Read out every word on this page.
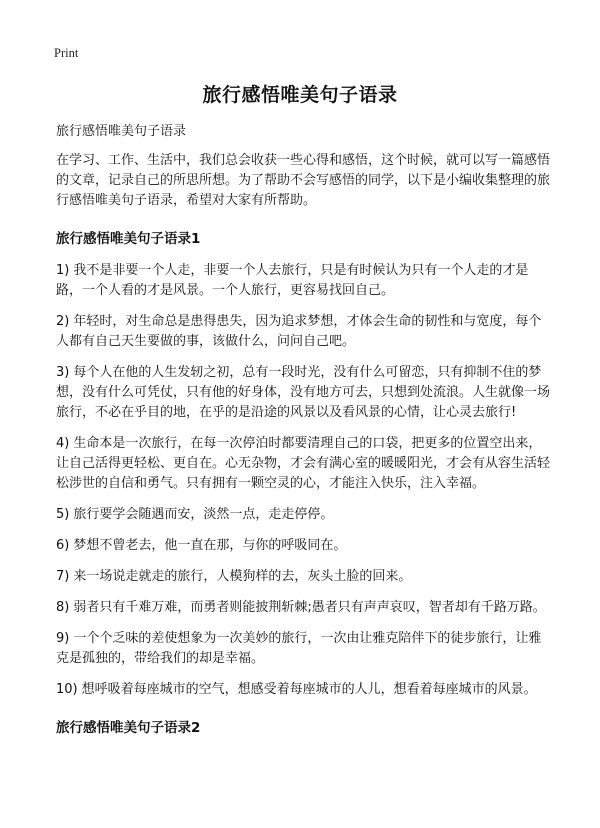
Print
旅行感悟唯美句子语录

旅行感悟唯美句子语录

在学习、工作、生活中，我们总会收获一些心得和感悟，这个时候，就可以写一篇感悟的文章，记录自己的所思所想。为了帮助不会写感悟的同学，以下是小编收集整理的旅行感悟唯美句子语录，希望对大家有所帮助。

旅行感悟唯美句子语录1

1) 我不是非要一个人走，非要一个人去旅行，只是有时候认为只有一个人走的才是路，一个人看的才是风景。一个人旅行，更容易找回自己。

2) 年轻时，对生命总是患得患失，因为追求梦想，才体会生命的韧性和与宽度，每个人都有自己天生要做的事，该做什么，问问自己吧。

3) 每个人在他的人生发轫之初，总有一段时光，没有什么可留恋，只有抑制不住的梦想，没有什么可凭仗，只有他的好身体，没有地方可去，只想到处流浪。人生就像一场旅行，不必在乎目的地，在乎的是沿途的风景以及看风景的心情，让心灵去旅行!

4) 生命本是一次旅行，在每一次停泊时都要清理自己的口袋，把更多的位置空出来，让自己活得更轻松、更自在。心无杂物，才会有满心室的暖暖阳光，才会有从容生活轻松涉世的自信和勇气。只有拥有一颗空灵的心，才能注入快乐，注入幸福。

5) 旅行要学会随遇而安，淡然一点，走走停停。

6) 梦想不曾老去，他一直在那，与你的呼吸同在。

7) 来一场说走就走的旅行，人模狗样的去，灰头土脸的回来。

8) 弱者只有千难万难，而勇者则能披荆斩棘;愚者只有声声哀叹，智者却有千路万路。

9) 一个个乏味的差使想象为一次美妙的旅行，一次由让雅克陪伴下的徒步旅行，让雅克是孤独的，带给我们的却是幸福。

10) 想呼吸着每座城市的空气，想感受着每座城市的人儿，想看着每座城市的风景。

旅行感悟唯美句子语录2
